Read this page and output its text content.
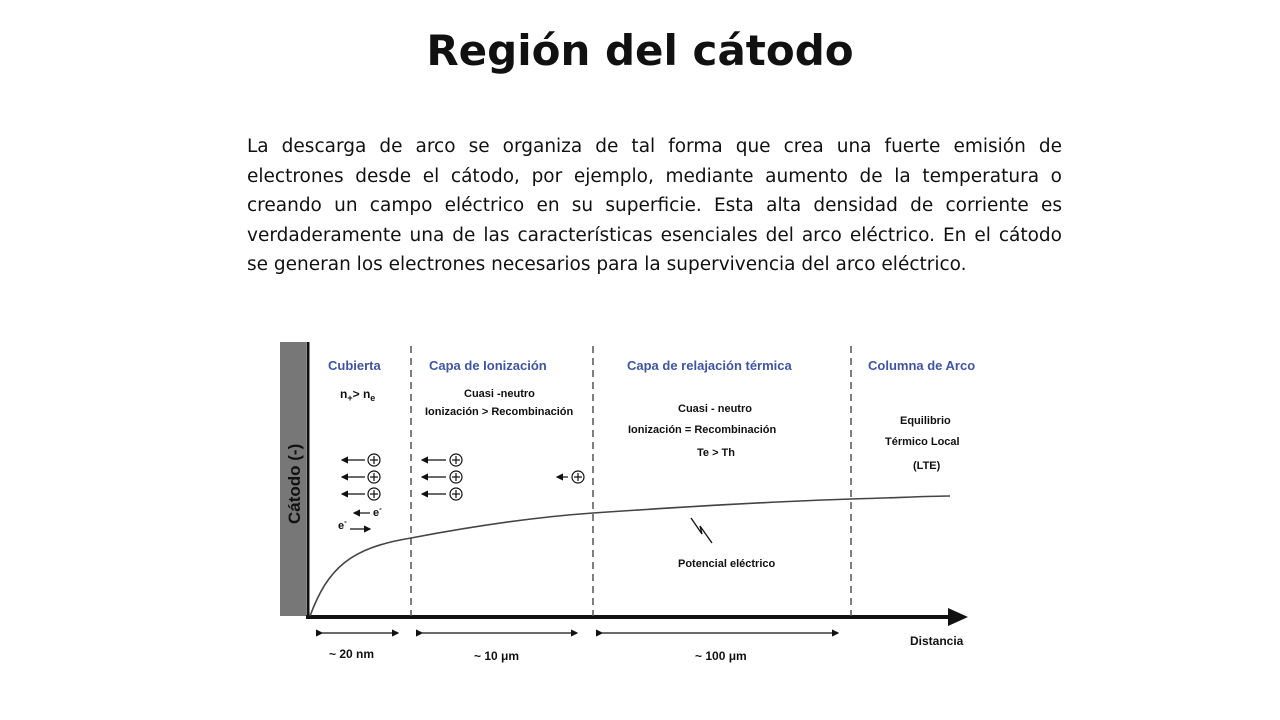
Región del cátodo

La descarga de arco se organiza de tal forma que crea una fuerte emisión de electrones desde el cátodo, por ejemplo, mediante aumento de la temperatura o creando un campo eléctrico en su superficie. Esta alta densidad de corriente es verdaderamente una de las características esenciales del arco eléctrico. En el cátodo se generan los electrones necesarios para la supervivencia del arco eléctrico.

Cátodo (-)
Distancia
Cubierta	Capa de Ionización	Capa de relajación térmica	Columna de Arco
$n_+> n_e$	Cuasi -neutro
Ionización > Recombinación	Cuasi - neutro
Ionización = Recombinación
Te > Th
Equilibrio
Térmico Local
(LTE)
e-
e-
Potencial eléctrico
~ 20 nm	~ 10 μm	~ 100 μm
